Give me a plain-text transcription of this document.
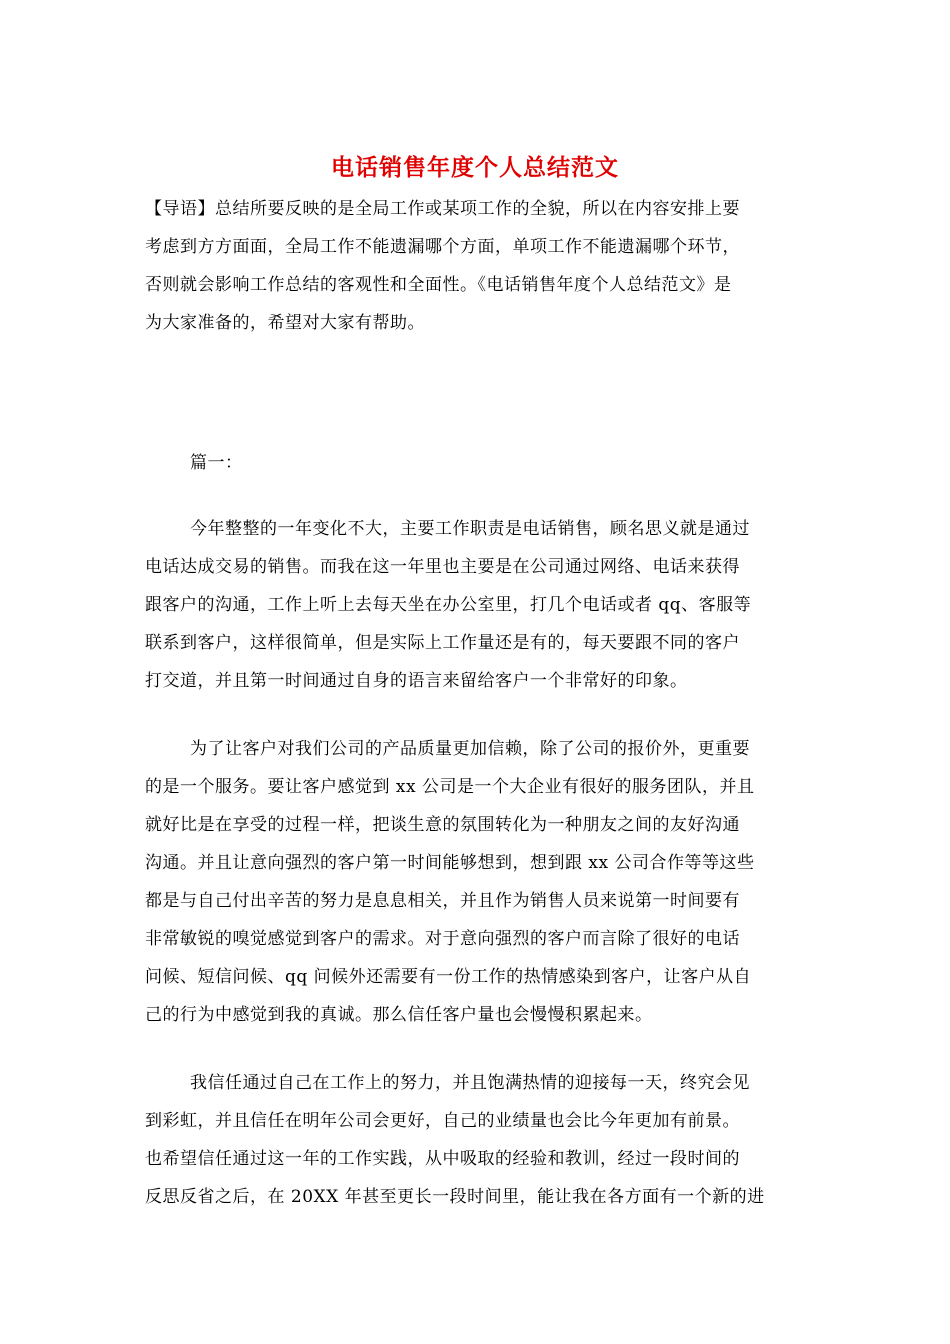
电话销售年度个人总结范文
【导语】总结所要反映的是全局工作或某项工作的全貌，所以在内容安排上要
考虑到方方面面，全局工作不能遗漏哪个方面，单项工作不能遗漏哪个环节，
否则就会影响工作总结的客观性和全面性。《电话销售年度个人总结范文》是
为大家准备的，希望对大家有帮助。
篇一：
今年整整的一年变化不大，主要工作职责是电话销售，顾名思义就是通过
电话达成交易的销售。而我在这一年里也主要是在公司通过网络、电话来获得
跟客户的沟通，工作上听上去每天坐在办公室里，打几个电话或者 qq、客服等
联系到客户，这样很简单，但是实际上工作量还是有的，每天要跟不同的客户
打交道，并且第一时间通过自身的语言来留给客户一个非常好的印象。
为了让客户对我们公司的产品质量更加信赖，除了公司的报价外，更重要
的是一个服务。要让客户感觉到 xx 公司是一个大企业有很好的服务团队，并且
就好比是在享受的过程一样，把谈生意的氛围转化为一种朋友之间的友好沟通
沟通。并且让意向强烈的客户第一时间能够想到，想到跟 xx 公司合作等等这些
都是与自己付出辛苦的努力是息息相关，并且作为销售人员来说第一时间要有
非常敏锐的嗅觉感觉到客户的需求。对于意向强烈的客户而言除了很好的电话
问候、短信问候、qq 问候外还需要有一份工作的热情感染到客户，让客户从自
己的行为中感觉到我的真诚。那么信任客户量也会慢慢积累起来。
我信任通过自己在工作上的努力，并且饱满热情的迎接每一天，终究会见
到彩虹，并且信任在明年公司会更好，自己的业绩量也会比今年更加有前景。
也希望信任通过这一年的工作实践，从中吸取的经验和教训，经过一段时间的
反思反省之后，在 20XX 年甚至更长一段时间里，能让我在各方面有一个新的进
